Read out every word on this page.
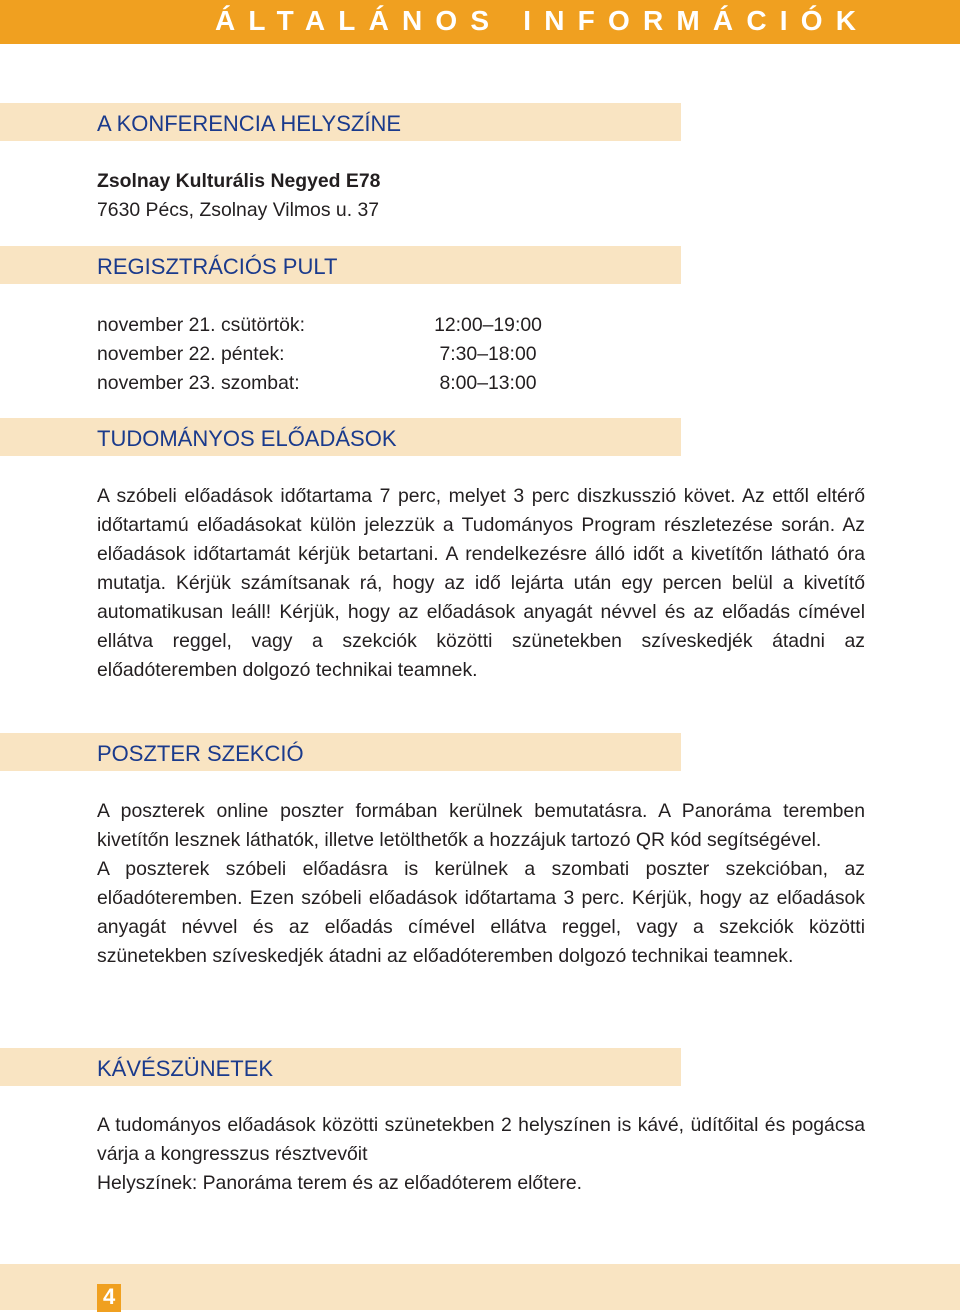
ÁLTALÁNOS INFORMÁCIÓK
A KONFERENCIA HELYSZÍNE
Zsolnay Kulturális Negyed E78
7630 Pécs, Zsolnay Vilmos u. 37
REGISZTRÁCIÓS PULT
november 21. csütörtök:	12:00–19:00
november 22. péntek:	7:30–18:00
november 23. szombat:	8:00–13:00
TUDOMÁNYOS ELŐADÁSOK

A szóbeli előadások időtartama 7 perc, melyet 3 perc diszkusszió követ. Az ettől eltérő időtartamú előadásokat külön jelezzük a Tudományos Program részletezése során. Az előadások időtartamát kérjük betartani. A rendelkezésre álló időt a kivetítőn látható óra mutatja. Kérjük számítsanak rá, hogy az idő lejárta után egy percen belül a kivetítő automatikusan leáll! Kérjük, hogy az előadások anyagát névvel és az előadás címével ellátva reggel, vagy a szekciók közötti szünetekben szíveskedjék átadni az előadóteremben dolgozó technikai teamnek.

POSZTER SZEKCIÓ

A poszterek online poszter formában kerülnek bemutatásra. A Panoráma teremben kivetítőn lesznek láthatók, illetve letölthetők a hozzájuk tartozó QR kód segítségével.

A poszterek szóbeli előadásra is kerülnek a szombati poszter szekcióban, az előadóteremben. Ezen szóbeli előadások időtartama 3 perc. Kérjük, hogy az előadások anyagát névvel és az előadás címével ellátva reggel, vagy a szekciók közötti szünetekben szíveskedjék átadni az előadóteremben dolgozó technikai teamnek.

KÁVÉSZÜNETEK

A tudományos előadások közötti szünetekben 2 helyszínen is kávé, üdítőital és pogácsa várja a kongresszus résztvevőit

Helyszínek: Panoráma terem és az előadóterem előtere.

4
